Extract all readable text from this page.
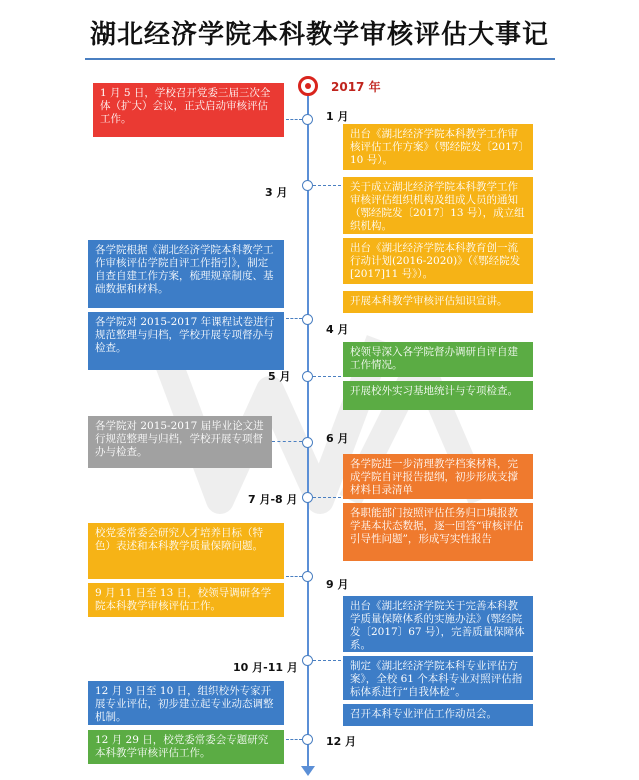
湖北经济学院本科教学审核评估大事记
2017 年
1 月
3 月
4 月
5 月
6 月
7 月-8 月
9 月
10 月-11 月
12 月
1 月 5 日，学校召开党委三届三次全体（扩大）会议，正式启动审核评估工作。
各学院根据《湖北经济学院本科教学工作审核评估学院自评工作指引》，制定自查自建工作方案，梳理规章制度、基础数据和材料。
各学院对 2015-2017 年课程试卷进行规范整理与归档，学校开展专项督办与检查。
各学院对 2015-2017 届毕业论文进行规范整理与归档，学校开展专项督办与检查。
校党委常委会研究人才培养目标（特色）表述和本科教学质量保障问题。
9 月 11 日至 13 日，校领导调研各学院本科教学审核评估工作。
12 月 9 日至 10 日，组织校外专家开展专业评估，初步建立起专业动态调整机制。
12 月 29 日，校党委常委会专题研究本科教学审核评估工作。
出台《湖北经济学院本科教学工作审核评估工作方案》（鄂经院发〔2017〕10 号）。
关于成立湖北经济学院本科教学工作审核评估组织机构及组成人员的通知（鄂经院发〔2017〕13 号），成立组织机构。
出台《湖北经济学院本科教育创一流行动计划(2016-2020)》（《鄂经院发[2017]11 号》）。
开展本科教学审核评估知识宣讲。
校领导深入各学院督办调研自评自建工作情况。
开展校外实习基地统计与专项检查。
各学院进一步清理教学档案材料，完成学院自评报告提纲，初步形成支撑材料目录清单
各职能部门按照评估任务归口填报教学基本状态数据，逐一回答“审核评估引导性问题”，形成写实性报告
出台《湖北经济学院关于完善本科教学质量保障体系的实施办法》(鄂经院发〔2017〕67 号），完善质量保障体系。
制定《湖北经济学院本科专业评估方案》，全校 61 个本科专业对照评估指标体系进行“自我体检”。
召开本科专业评估工作动员会。
